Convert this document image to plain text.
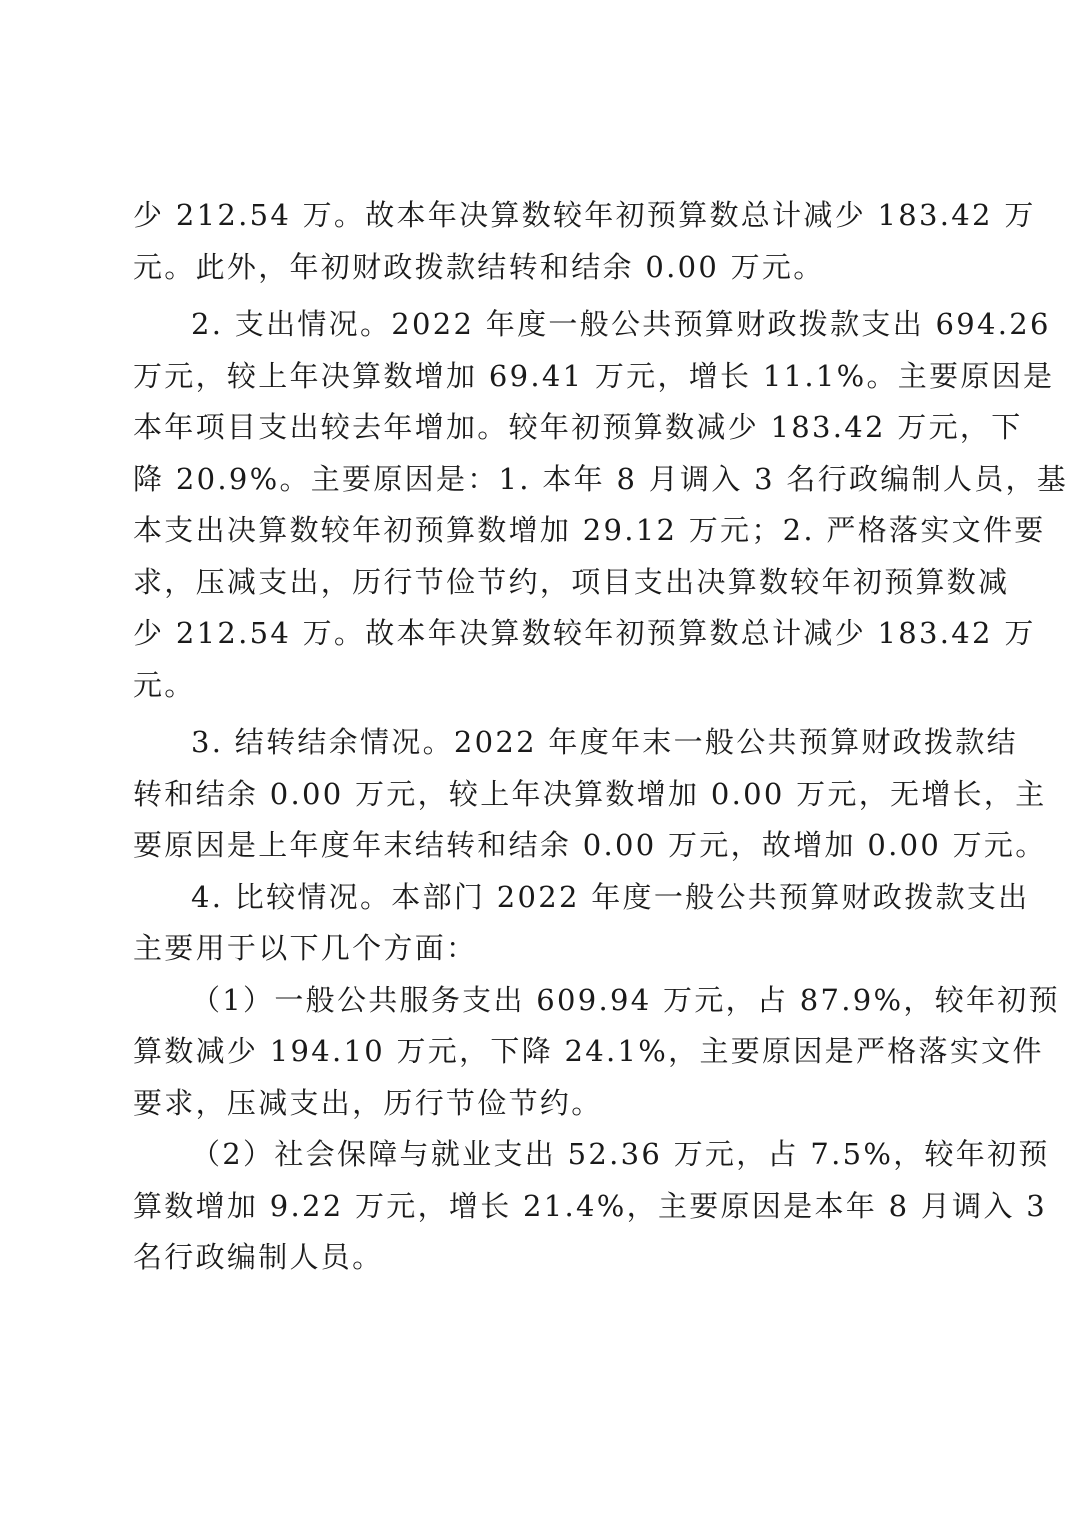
少 212.54 万。故本年决算数较年初预算数总计减少 183.42 万
元。此外，年初财政拨款结转和结余 0.00 万元。
2. 支出情况。2022 年度一般公共预算财政拨款支出 694.26
万元，较上年决算数增加 69.41 万元，增长 11.1%。主要原因是
本年项目支出较去年增加。较年初预算数减少 183.42 万元，下
降 20.9%。主要原因是：1. 本年 8 月调入 3 名行政编制人员，基
本支出决算数较年初预算数增加 29.12 万元；2. 严格落实文件要
求，压减支出，历行节俭节约，项目支出决算数较年初预算数减
少 212.54 万。故本年决算数较年初预算数总计减少 183.42 万
元。
3. 结转结余情况。2022 年度年末一般公共预算财政拨款结
转和结余 0.00 万元，较上年决算数增加 0.00 万元，无增长，主
要原因是上年度年末结转和结余 0.00 万元，故增加 0.00 万元。
4. 比较情况。本部门 2022 年度一般公共预算财政拨款支出
主要用于以下几个方面：
（1）一般公共服务支出 609.94 万元，占 87.9%，较年初预
算数减少 194.10 万元，下降 24.1%，主要原因是严格落实文件
要求，压减支出，历行节俭节约。
（2）社会保障与就业支出 52.36 万元，占 7.5%，较年初预
算数增加 9.22 万元，增长 21.4%，主要原因是本年 8 月调入 3
名行政编制人员。
